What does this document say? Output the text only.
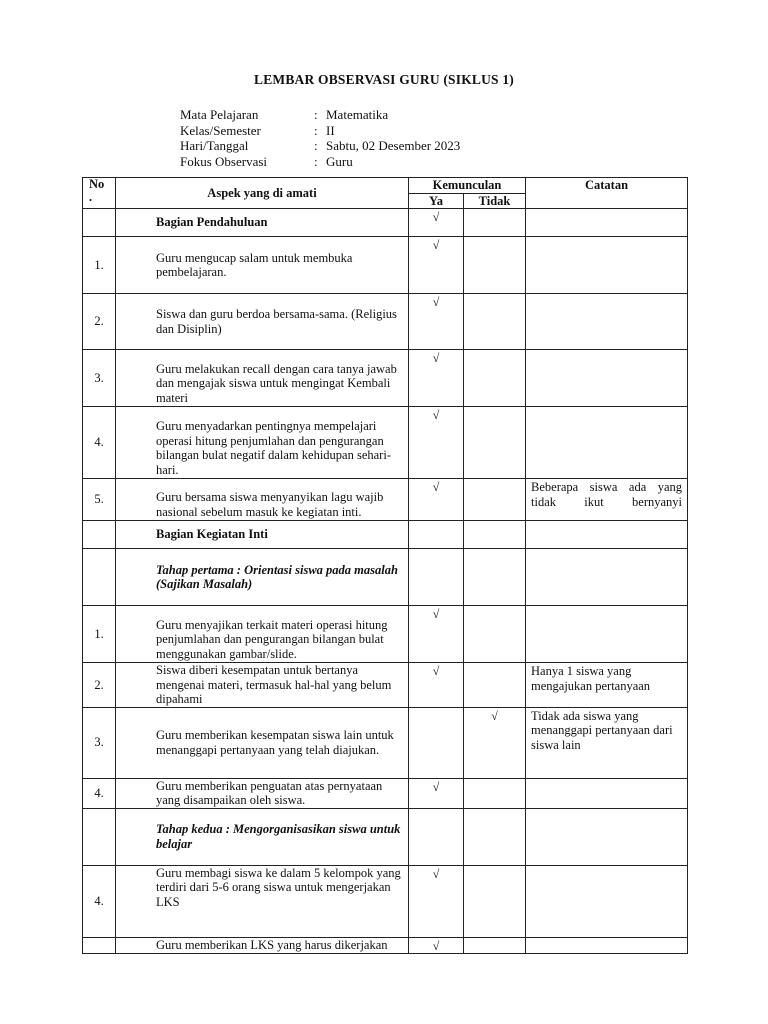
LEMBAR OBSERVASI GURU (SIKLUS 1)
Mata Pelajaran	: Matematika
Kelas/Semester	: II
Hari/Tanggal	: Sabtu, 02 Desember 2023
Fokus Observasi	: Guru
No
.	Aspek yang di amati	Kemunculan		Catatan
		Ya	Tidak	
	Bagian Pendahuluan	√		
1.	Guru mengucap salam untuk membuka pembelajaran.	√		
2.	Siswa dan guru berdoa bersama-sama. (Religius dan Disiplin)	√		
3.	Guru melakukan recall dengan cara tanya jawab dan mengajak siswa untuk mengingat Kembali materi	√		
4.	Guru menyadarkan pentingnya mempelajari operasi hitung penjumlahan dan pengurangan bilangan bulat negatif dalam kehidupan sehari-hari.	√		
5.	Guru bersama siswa menyanyikan lagu wajib nasional sebelum masuk ke kegiatan inti.	√		Beberapa siswa ada yang tidak ikut bernyanyi

	Bagian Kegiatan Inti			
	Tahap pertama : Orientasi siswa pada masalah (Sajikan Masalah)			
1.	Guru menyajikan terkait materi operasi hitung penjumlahan dan pengurangan bilangan bulat menggunakan gambar/slide.	√		
2.	Siswa diberi kesempatan untuk bertanya mengenai materi, termasuk hal-hal yang belum dipahami	√		Hanya 1 siswa yang mengajukan pertanyaan

3.	Guru memberikan kesempatan siswa lain untuk menanggapi pertanyaan yang telah diajukan.		√	Tidak ada siswa yang menanggapi pertanyaan dari siswa lain

4.	Guru memberikan penguatan atas pernyataan yang disampaikan oleh siswa.	√		
	Tahap kedua : Mengorganisasikan siswa untuk belajar			
4.	Guru membagi siswa ke dalam 5 kelompok yang terdiri dari 5-6 orang siswa untuk mengerjakan LKS	√		
	Guru memberikan LKS yang harus dikerjakan	√		
